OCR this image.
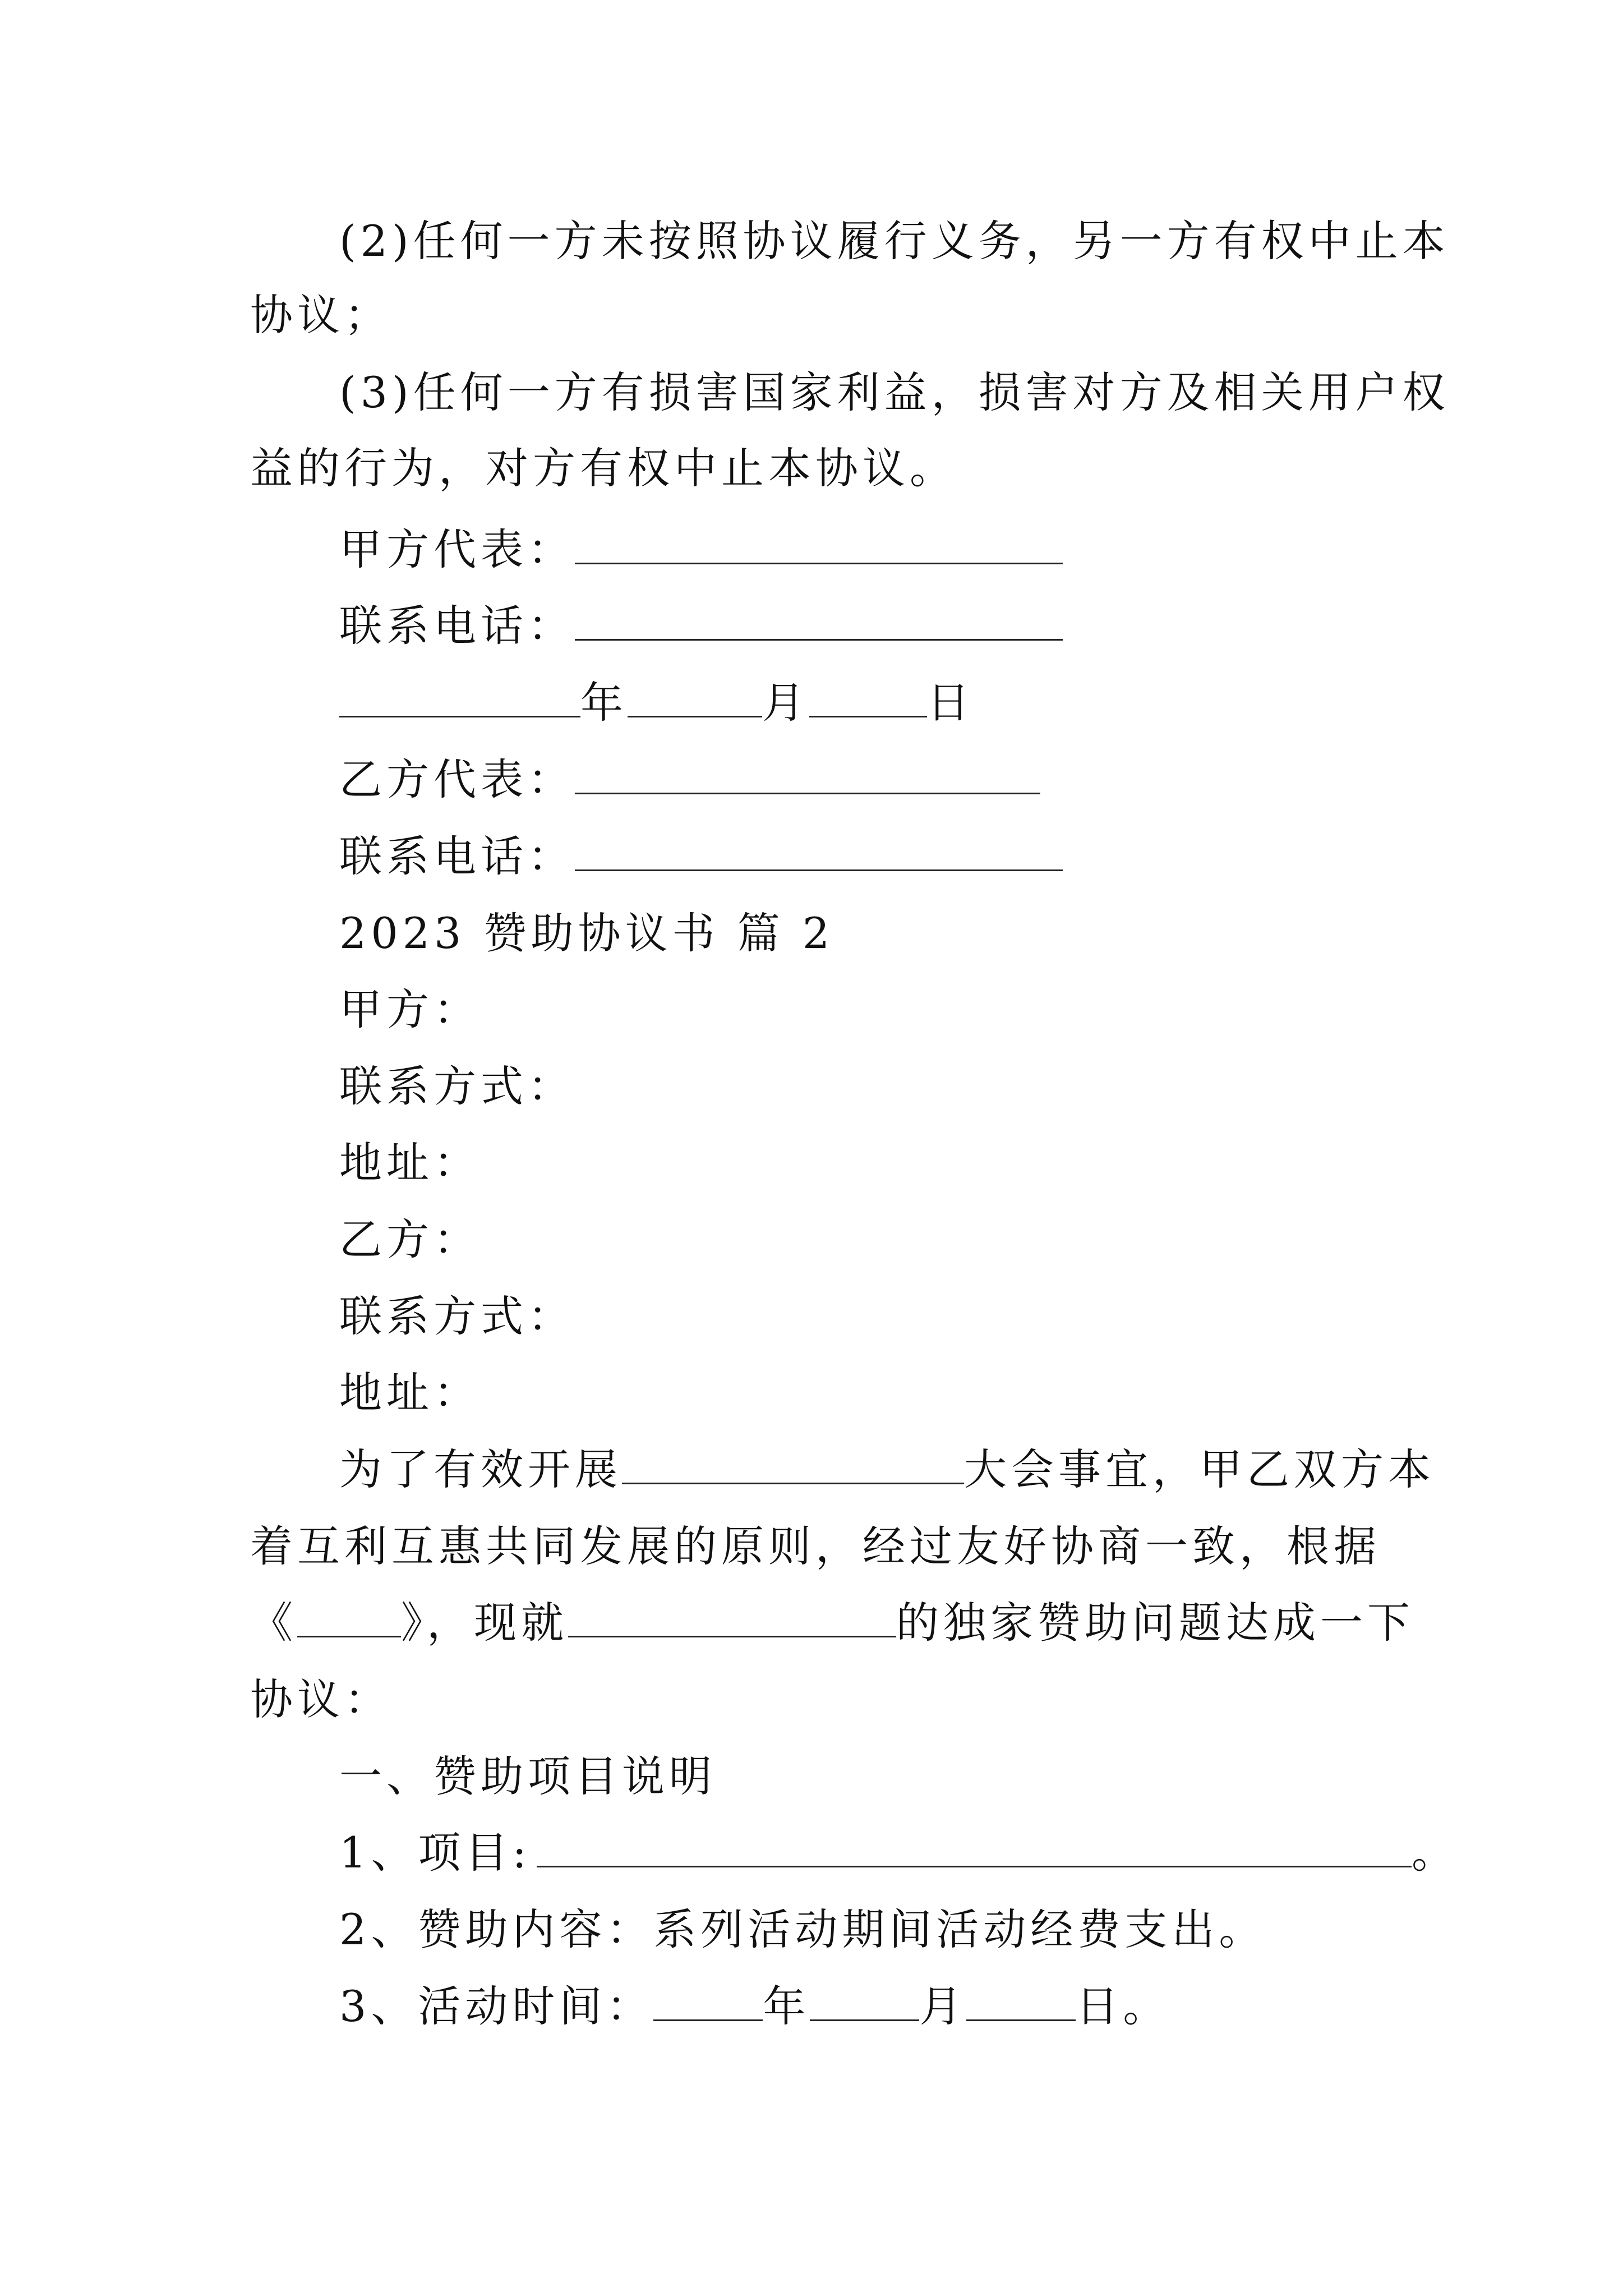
(2)任何一方未按照协议履行义务，另一方有权中止本
协议；
(3)任何一方有损害国家利益，损害对方及相关用户权
益的行为，对方有权中止本协议。
甲方代表：
联系电话：
年	月	日
乙方代表：
联系电话：
2023 赞助协议书 篇 2
甲方：
联系方式：
地址：
乙方：
联系方式：
地址：
为了有效开展	大会事宜，甲乙双方本
着互利互惠共同发展的原则，经过友好协商一致，根据
《 》，现就	的独家赞助问题达成一下
协议：
一、赞助项目说明
1、项目:	。
2、赞助内容：系列活动期间活动经费支出。
3、活动时间：	年	月	日。
